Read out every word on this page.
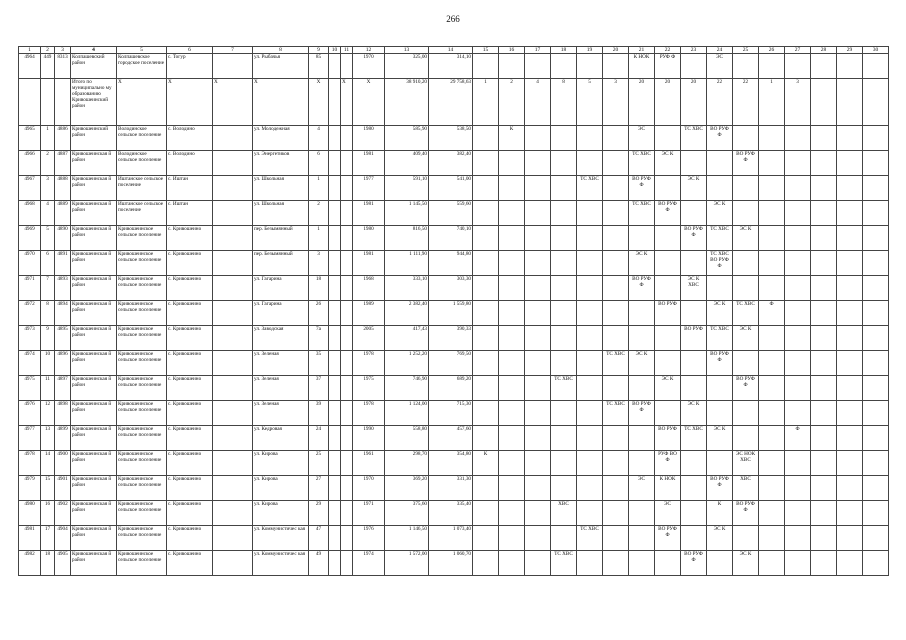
266
1	2	3	4	5	6	7	8	9	10	11	12	13	14	15	16	17	18	19	20	21	22	23	24	25	26	27	28	29	30
4964	449	8313	Колпашевский район	Колпашевское городское поселение	с. Тогур		ул. Рыбачья	85			1970	325,00	314,10							К НОК	РУФ Ф		ЭС						
			Итого по муниципально му образованию Кривошеинский район	Х	Х	Х	Х	Х		Х	Х	38 910,20	29 758,63	1	2	4	8	5	3	20	20	20	22	22	1	3			
4965	1	4886	Кривошеинский район	Володинское сельское поселение	с. Володино		ул. Молодежная	4			1980	585,90	538,50		К					ЭС		ТС ХВС	ВО РУФ Ф						
4966	2	4887	Кривошеинская й район	Володинское сельское поселение	с. Володино		ул. Энергетиков	6			1981	409,40	382,40							ТС ХВС	ЭС К			ВО РУФ Ф					
4967	3	4888	Кривошеинская й район	Иштанское сельское поселение	с. Иштан		ул. Школьная	1			1977	591,10	541,00					ТС ХВС		ВО РУФ Ф		ЭС К							
4968	4	4889	Кривошеинская й район	Иштанское сельское поселение	с. Иштан		ул. Школьная	2			1981	1 145,50	559,60							ТС ХВС	ВО РУФ Ф		ЭС К						
4969	5	4890	Кривошеинская й район	Кривошеинское сельское поселение	с. Кривошеино		пер. Безымянный	1			1980	816,50	740,10									ВО РУФ Ф	ТС ХВС	ЭС К					
4970	6	4891	Кривошеинская й район	Кривошеинское сельское поселение	с. Кривошеино		пер. Безымянный	3			1981	1 111,90	944,80							ЭС К			ТС ХВС ВО РУФ Ф						
4971	7	4893	Кривошеинская й район	Кривошеинское сельское поселение	с. Кривошеино		ул. Гагарина	18			1968	333,10	303,30							ВО РУФ Ф		ЭС К ХВС							
4972	8	4894	Кривошеинская й район	Кривошеинское сельское поселение	с. Кривошеино		ул. Гагарина	26			1989	2 382,40	1 559,80								ВО РУФ		ЭС К	ТС ХВС	Ф				
4973	9	4895	Кривошеинская й район	Кривошеинское сельское поселение	с. Кривошеино		ул. Заводская	7а			2005	417,43	390,33									ВО РУФ	ТС ХВС	ЭС К					
4974	10	4896	Кривошеинская й район	Кривошеинское сельское поселение	с. Кривошеино		ул. Зеленая	35			1978	1 252,20	769,50						ТС ХВС	ЭС К			ВО РУФ Ф						
4975	11	4897	Кривошеинская й район	Кривошеинское сельское поселение	с. Кривошеино		ул. Зеленая	37			1975	746,90	689,20				ТС ХВС				ЭС К			ВО РУФ Ф					
4976	12	4898	Кривошеинская й район	Кривошеинское сельское поселение	с. Кривошеино		ул. Зеленая	39			1978	1 124,00	715,30						ТС ХВС	ВО РУФ Ф		ЭС К							
4977	13	4899	Кривошеинская й район	Кривошеинское сельское поселение	с. Кривошеино		ул. Кедровая	24			1990	558,80	457,60								ВО РУФ	ТС ХВС	ЭС К			Ф			
4978	14	4900	Кривошеинская й район	Кривошеинское сельское поселение	с. Кривошеино		ул. Кирова	25			1961	298,70	354,80	К							РУФ ВО Ф			ЭС НОК ХВС					
4979	15	4901	Кривошеинская й район	Кривошеинское сельское поселение	с. Кривошеино		ул. Кирова	27			1970	369,20	331,30							ЭС	К НОК		ВО РУФ Ф	ХВС					
4980	16	4902	Кривошеинская й район	Кривошеинское сельское поселение	с. Кривошеино		ул. Кирова	29			1971	375,60	335,40				ХВС				ЭС		К	ВО РУФ Ф					
4981	17	4904	Кривошеинская й район	Кривошеинское сельское поселение	с. Кривошеино		ул. Коммунистичес кая	47			1976	1 146,50	1 073,40					ТС ХВС			ВО РУФ Ф		ЭС К						
4982	18	4905	Кривошеинская й район	Кривошеинское сельское поселение	с. Кривошеино		ул. Коммунистичес кая	49			1974	1 572,00	1 060,70				ТС ХВС					ВО РУФ Ф		ЭС К					
